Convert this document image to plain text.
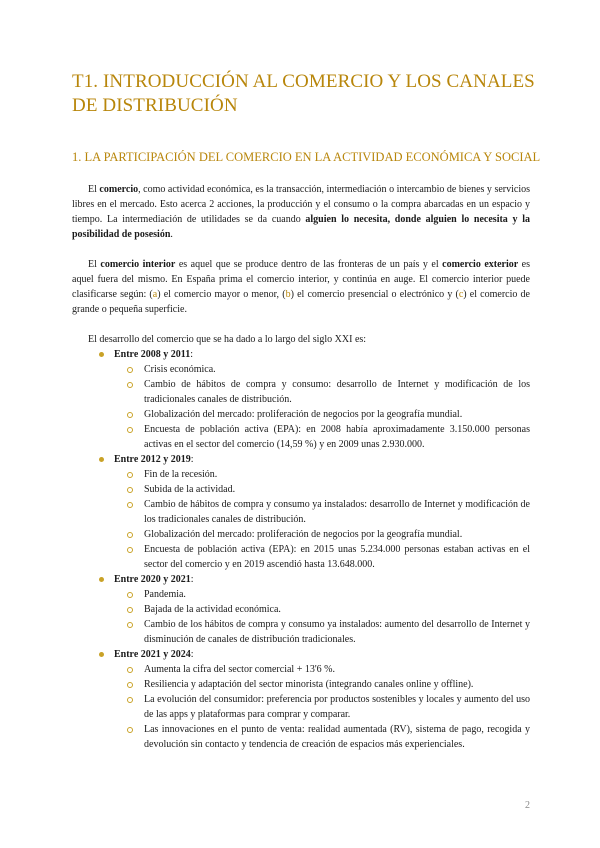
T1. INTRODUCCIÓN AL COMERCIO Y LOS CANALES DE DISTRIBUCIÓN
1. LA PARTICIPACIÓN DEL COMERCIO EN LA ACTIVIDAD ECONÓMICA Y SOCIAL

El comercio, como actividad económica, es la transacción, intermediación o intercambio de bienes y servicios libres en el mercado. Esto acerca 2 acciones, la producción y el consumo o la compra abarcadas en un espacio y tiempo. La intermediación de utilidades se da cuando alguien lo necesita, donde alguien lo necesita y la posibilidad de posesión.

El comercio interior es aquel que se produce dentro de las fronteras de un país y el comercio exterior es aquel fuera del mismo. En España prima el comercio interior, y continúa en auge. El comercio interior puede clasificarse según: (a) el comercio mayor o menor, (b) el comercio presencial o electrónico y (c) el comercio de grande o pequeña superficie.

El desarrollo del comercio que se ha dado a lo largo del siglo XXI es:

Entre 2008 y 2011:
Crisis económica.
Cambio de hábitos de compra y consumo: desarrollo de Internet y modificación de los tradicionales canales de distribución.
Globalización del mercado: proliferación de negocios por la geografía mundial.
Encuesta de población activa (EPA): en 2008 había aproximadamente 3.150.000 personas activas en el sector del comercio (14,59 %) y en 2009 unas 2.930.000.
Entre 2012 y 2019:
Fin de la recesión.
Subida de la actividad.
Cambio de hábitos de compra y consumo ya instalados: desarrollo de Internet y modificación de los tradicionales canales de distribución.
Globalización del mercado: proliferación de negocios por la geografía mundial.
Encuesta de población activa (EPA): en 2015 unas 5.234.000 personas estaban activas en el sector del comercio y en 2019 ascendió hasta 13.648.000.
Entre 2020 y 2021:
Pandemia.
Bajada de la actividad económica.
Cambio de los hábitos de compra y consumo ya instalados: aumento del desarrollo de Internet y disminución de canales de distribución tradicionales.
Entre 2021 y 2024:
Aumenta la cifra del sector comercial + 13'6 %.
Resiliencia y adaptación del sector minorista (integrando canales online y offline).
La evolución del consumidor: preferencia por productos sostenibles y locales y aumento del uso de las apps y plataformas para comprar y comparar.
Las innovaciones en el punto de venta: realidad aumentada (RV), sistema de pago, recogida y devolución sin contacto y tendencia de creación de espacios más experienciales.
2
